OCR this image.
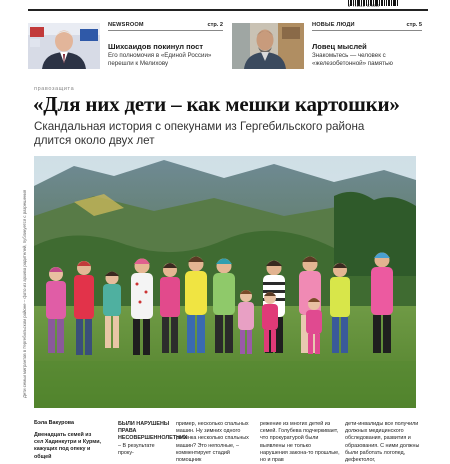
9 771811 970230
NEWSROOM	стр. 2
Шихсаидов покинул пост
Его полномочия в «Единой России» перешли к Мелихову
НОВЫЕ ЛЮДИ	стр. 5
Ловец мыслей
Знакомьтесь — человек с «железобетонной» памятью
правозащита
«Для них дети – как мешки картошки»
Скандальная история с опекунами из Гергебильского района длится около двух лет
Дети семьи мигрантов в Гергебильском районе – фото из архива родителей, публикуется с разрешения
Бэла Вакурова
Двенадцать семей из сел Хадинкутри и Курми, кажущих под опеку и общей
БЫЛИ НАРУШЕНЫ ПРАВА НЕСОВЕРШЕННОЛЕТНИХ
– В результате проку-
пример, несколько спальных машин. Ну зимних одного ребенка несколько спальных машин? Это неполные, – комментирует стадий помощник
режение из многих детей из семей. Голубева подчеркивает, что прокуратурой были выявлены не только нарушения закона-то прошлые, но и прав
дети-инвалиды все получили должных медицинского обследования, развития и образования. С ними должны были работать логопед, дефектолог,
